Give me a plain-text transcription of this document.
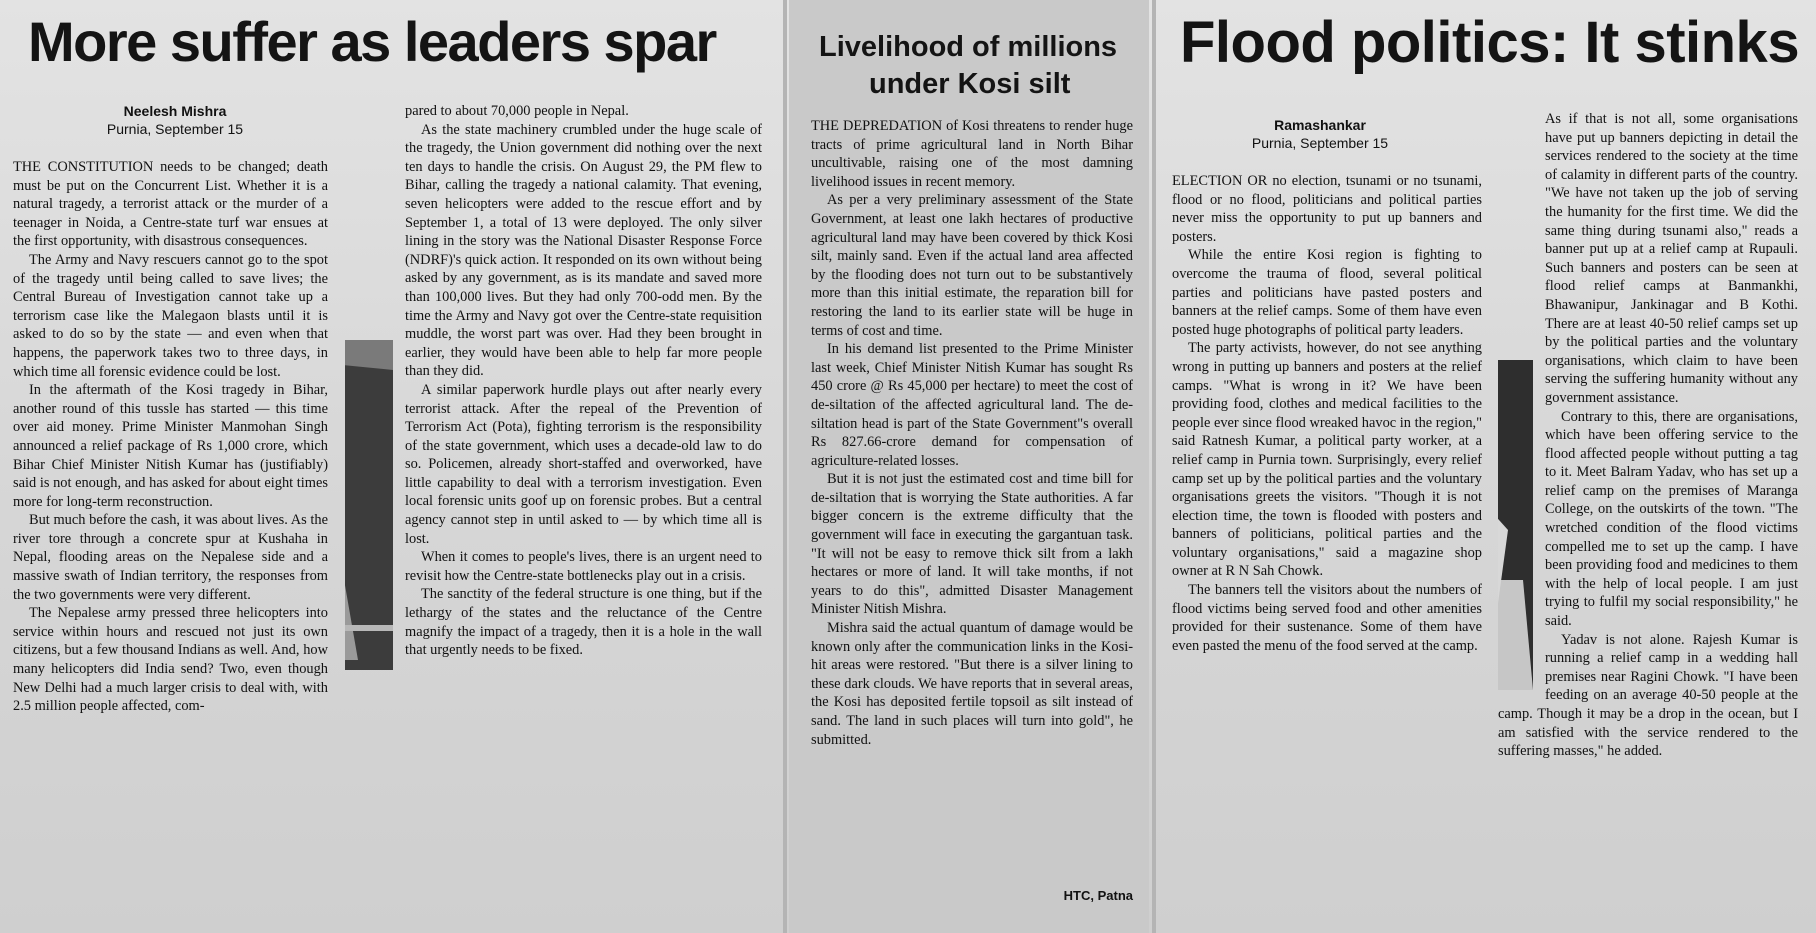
More suffer as leaders spar
Neelesh Mishra
Purnia, September 15

THE CONSTITUTION needs to be changed; death must be put on the Concurrent List. Whether it is a natural tragedy, a terrorist attack or the murder of a teenager in Noida, a Centre-state turf war ensues at the first opportunity, with disastrous consequences.

The Army and Navy rescuers cannot go to the spot of the tragedy until being called to save lives; the Central Bureau of Investigation cannot take up a terrorism case like the Malegaon blasts until it is asked to do so by the state — and even when that happens, the paperwork takes two to three days, in which time all forensic evidence could be lost.

In the aftermath of the Kosi tragedy in Bihar, another round of this tussle has started — this time over aid money. Prime Minister Manmohan Singh announced a relief package of Rs 1,000 crore, which Bihar Chief Minister Nitish Kumar has (justifiably) said is not enough, and has asked for about eight times more for long-term reconstruction.

But much before the cash, it was about lives. As the river tore through a concrete spur at Kushaha in Nepal, flooding areas on the Nepalese side and a massive swath of Indian territory, the responses from the two governments were very different.

The Nepalese army pressed three helicopters into service within hours and rescued not just its own citizens, but a few thousand Indians as well. And, how many helicopters did India send? Two, even though New Delhi had a much larger crisis to deal with, with 2.5 million people affected, com-

pared to about 70,000 people in Nepal.

As the state machinery crumbled under the huge scale of the tragedy, the Union government did nothing over the next ten days to handle the crisis. On August 29, the PM flew to Bihar, calling the tragedy a national calamity. That evening, seven helicopters were added to the rescue effort and by September 1, a total of 13 were deployed. The only silver lining in the story was the National Disaster Response Force (NDRF)'s quick action. It responded on its own without being asked by any government, as is its mandate and saved more than 100,000 lives. But they had only 700-odd men. By the time the Army and Navy got over the Centre-state requisition muddle, the worst part was over. Had they been brought in earlier, they would have been able to help far more people than they did.

A similar paperwork hurdle plays out after nearly every terrorist attack. After the repeal of the Prevention of Terrorism Act (Pota), fighting terrorism is the responsibility of the state government, which uses a decade-old law to do so. Policemen, already short-staffed and overworked, have little capability to deal with a terrorism investigation. Even local forensic units goof up on forensic probes. But a central agency cannot step in until asked to — by which time all is lost.

When it comes to people's lives, there is an urgent need to revisit how the Centre-state bottlenecks play out in a crisis.

The sanctity of the federal structure is one thing, but if the lethargy of the states and the reluctance of the Centre magnify the impact of a tragedy, then it is a hole in the wall that urgently needs to be fixed.

Livelihood of millions
under Kosi silt

THE DEPREDATION of Kosi threatens to render huge tracts of prime agricultural land in North Bihar uncultivable, raising one of the most damning livelihood issues in recent memory.

As per a very preliminary assessment of the State Government, at least one lakh hectares of productive agricultural land may have been covered by thick Kosi silt, mainly sand. Even if the actual land area affected by the flooding does not turn out to be substantively more than this initial estimate, the reparation bill for restoring the land to its earlier state will be huge in terms of cost and time.

In his demand list presented to the Prime Minister last week, Chief Minister Nitish Kumar has sought Rs 450 crore @ Rs 45,000 per hectare) to meet the cost of de-siltation of the affected agricultural land. The de-siltation head is part of the State Government"s overall Rs 827.66-crore demand for compensation of agriculture-related losses.

But it is not just the estimated cost and time bill for de-siltation that is worrying the State authorities. A far bigger concern is the extreme difficulty that the government will face in executing the gargantuan task. "It will not be easy to remove thick silt from a lakh hectares or more of land. It will take months, if not years to do this", admitted Disaster Management Minister Nitish Mishra.

Mishra said the actual quantum of damage would be known only after the communication links in the Kosi-hit areas were restored. "But there is a silver lining to these dark clouds. We have reports that in several areas, the Kosi has deposited fertile topsoil as silt instead of sand. The land in such places will turn into gold", he submitted.

HTC, Patna
Flood politics: It stinks
Ramashankar
Purnia, September 15

ELECTION OR no election, tsunami or no tsunami, flood or no flood, politicians and political parties never miss the opportunity to put up banners and posters.

While the entire Kosi region is fighting to overcome the trauma of flood, several political parties and politicians have pasted posters and banners at the relief camps. Some of them have even posted huge photographs of political party leaders.

The party activists, however, do not see anything wrong in putting up banners and posters at the relief camps. "What is wrong in it? We have been providing food, clothes and medical facilities to the people ever since flood wreaked havoc in the region," said Ratnesh Kumar, a political party worker, at a relief camp in Purnia town. Surprisingly, every relief camp set up by the political parties and the voluntary organisations greets the visitors. "Though it is not election time, the town is flooded with posters and banners of politicians, political parties and the voluntary organisations," said a magazine shop owner at R N Sah Chowk.

The banners tell the visitors about the numbers of flood victims being served food and other amenities provided for their sustenance. Some of them have even pasted the menu of the food served at the camp.

As if that is not all, some organisations have put up banners depicting in detail the services rendered to the society at the time of calamity in different parts of the country. "We have not taken up the job of serving the humanity for the first time. We did the same thing during tsunami also," reads a banner put up at a relief camp at Rupauli. Such banners and posters can be seen at flood relief camps at Banmankhi, Bhawanipur, Jankinagar and B Kothi. There are at least 40-50 relief camps set up by the political parties and the voluntary organisations, which claim to have been serving the suffering humanity without any government assistance.

Contrary to this, there are organisations, which have been offering service to the flood affected people without putting a tag to it. Meet Balram Yadav, who has set up a relief camp on the premises of Maranga College, on the outskirts of the town. "The wretched condition of the flood victims compelled me to set up the camp. I have been providing food and medicines to them with the help of local people. I am just trying to fulfil my social responsibility," he said.

Yadav is not alone. Rajesh Kumar is running a relief camp in a wedding hall premises near Ragini Chowk. "I have been feeding on an average 40-50 people at the camp. Though it may be a drop in the ocean, but I am satisfied with the service rendered to the suffering masses," he added.
